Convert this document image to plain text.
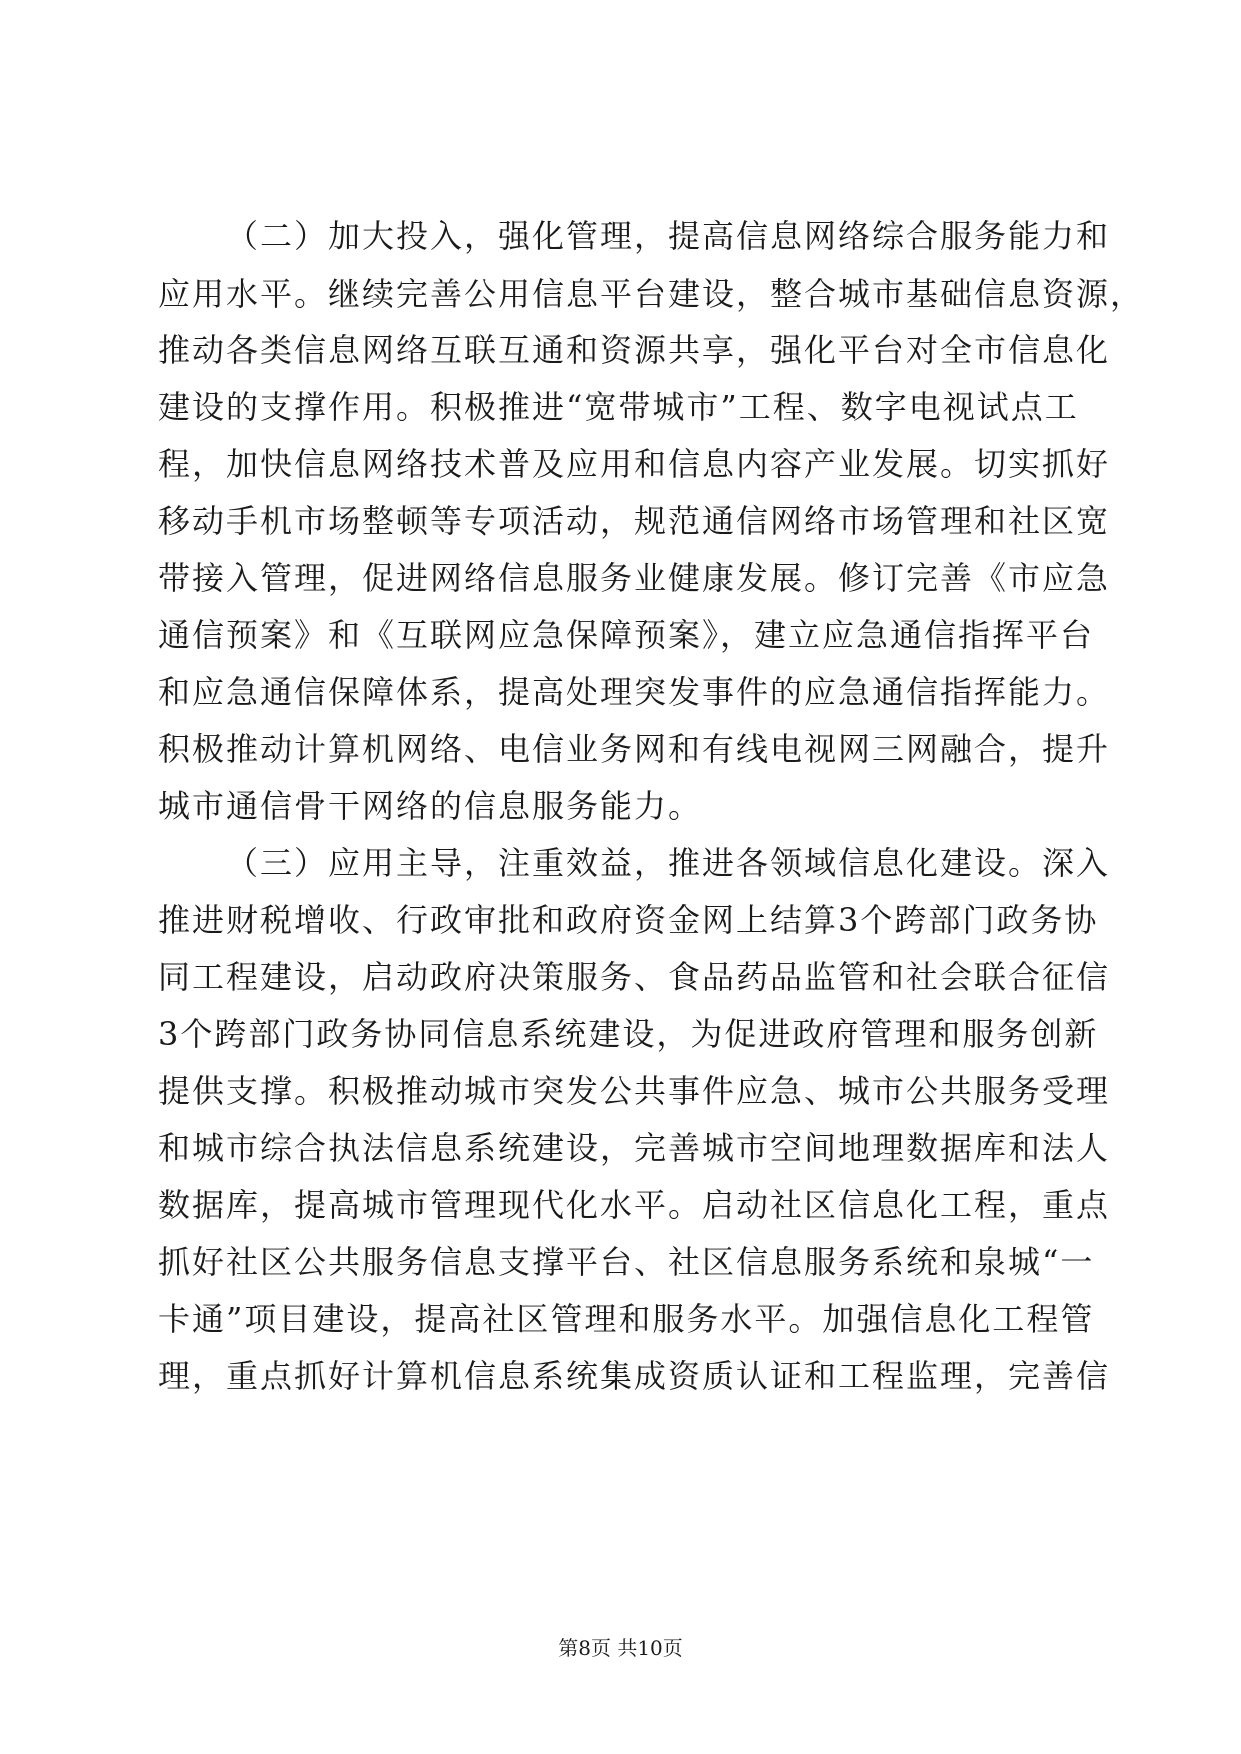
（二）加大投入，强化管理，提高信息网络综合服务能力和
应用水平。继续完善公用信息平台建设，整合城市基础信息资源，
推动各类信息网络互联互通和资源共享，强化平台对全市信息化
建设的支撑作用。积极推进“宽带城市”工程、数字电视试点工
程，加快信息网络技术普及应用和信息内容产业发展。切实抓好
移动手机市场整顿等专项活动，规范通信网络市场管理和社区宽
带接入管理，促进网络信息服务业健康发展。修订完善《市应急
通信预案》和《互联网应急保障预案》，建立应急通信指挥平台
和应急通信保障体系，提高处理突发事件的应急通信指挥能力。
积极推动计算机网络、电信业务网和有线电视网三网融合，提升
城市通信骨干网络的信息服务能力。
（三）应用主导，注重效益，推进各领域信息化建设。深入
推进财税增收、行政审批和政府资金网上结算3个跨部门政务协
同工程建设，启动政府决策服务、食品药品监管和社会联合征信
3个跨部门政务协同信息系统建设，为促进政府管理和服务创新
提供支撑。积极推动城市突发公共事件应急、城市公共服务受理
和城市综合执法信息系统建设，完善城市空间地理数据库和法人
数据库，提高城市管理现代化水平。启动社区信息化工程，重点
抓好社区公共服务信息支撑平台、社区信息服务系统和泉城“一
卡通”项目建设，提高社区管理和服务水平。加强信息化工程管
理，重点抓好计算机信息系统集成资质认证和工程监理，完善信
第8页 共10页
